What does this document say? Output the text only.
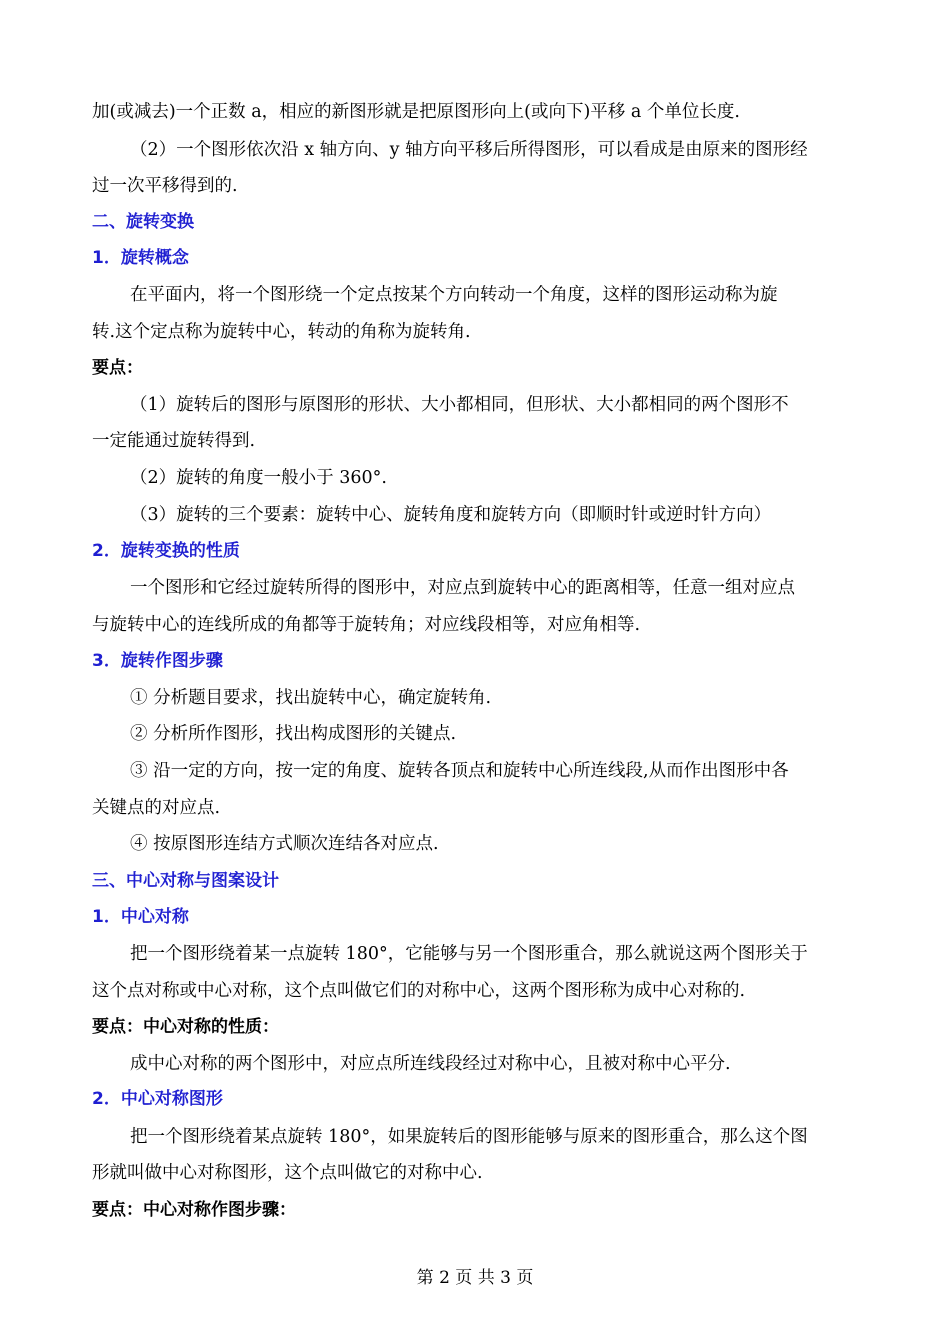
加(或减去)一个正数 a，相应的新图形就是把原图形向上(或向下)平移 a 个单位长度.
（2）一个图形依次沿 x 轴方向、y 轴方向平移后所得图形，可以看成是由原来的图形经
过一次平移得到的.
二、旋转变换
1．旋转概念
在平面内，将一个图形绕一个定点按某个方向转动一个角度，这样的图形运动称为旋
转.这个定点称为旋转中心，转动的角称为旋转角.
要点：
（1）旋转后的图形与原图形的形状、大小都相同，但形状、大小都相同的两个图形不
一定能通过旋转得到.
（2）旋转的角度一般小于 360°.
（3）旋转的三个要素：旋转中心、旋转角度和旋转方向（即顺时针或逆时针方向）
2．旋转变换的性质
一个图形和它经过旋转所得的图形中，对应点到旋转中心的距离相等，任意一组对应点
与旋转中心的连线所成的角都等于旋转角；对应线段相等，对应角相等.
3．旋转作图步骤
① 分析题目要求，找出旋转中心，确定旋转角.
② 分析所作图形，找出构成图形的关键点.
③ 沿一定的方向，按一定的角度、旋转各顶点和旋转中心所连线段,从而作出图形中各
关键点的对应点.
④ 按原图形连结方式顺次连结各对应点.
三、中心对称与图案设计
1．中心对称
把一个图形绕着某一点旋转 180°，它能够与另一个图形重合，那么就说这两个图形关于
这个点对称或中心对称，这个点叫做它们的对称中心，这两个图形称为成中心对称的.
要点：中心对称的性质：
成中心对称的两个图形中，对应点所连线段经过对称中心，且被对称中心平分.
2．中心对称图形
把一个图形绕着某点旋转 180°，如果旋转后的图形能够与原来的图形重合，那么这个图
形就叫做中心对称图形，这个点叫做它的对称中心.
要点：中心对称作图步骤：
第 2 页 共 3 页
